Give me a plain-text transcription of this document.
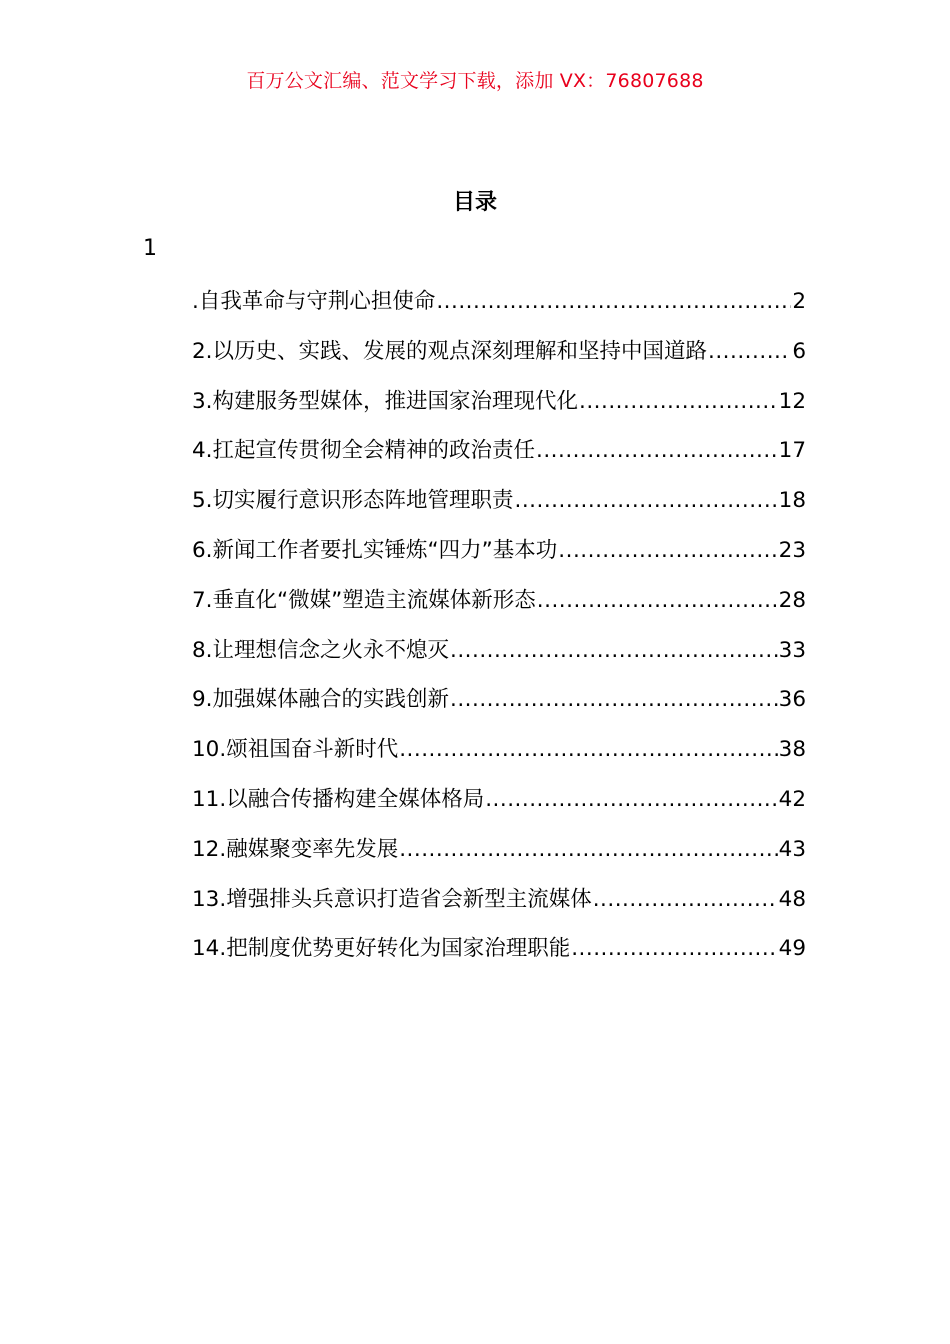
百万公文汇编、范文学习下载，添加 VX：76807688
目录
1
.自我革命与守荆心担使命 .....	2
2.以历史、实践、发展的观点深刻理解和坚持中国道路 .....	6
3.构建服务型媒体，推进国家治理现代化 .....	12
4.扛起宣传贯彻全会精神的政治责任 .....	17
5.切实履行意识形态阵地管理职责 .....	18
6.新闻工作者要扎实锤炼“四力”基本功 .....	23
7.垂直化“微媒”塑造主流媒体新形态 .....	28
8.让理想信念之火永不熄灭 .....	33
9.加强媒体融合的实践创新 .....	36
10.颂祖国奋斗新时代 .....	38
11.以融合传播构建全媒体格局 .....	42
12.融媒聚变率先发展 .....	43
13.增强排头兵意识打造省会新型主流媒体 .....	48
14.把制度优势更好转化为国家治理职能 .....	49
